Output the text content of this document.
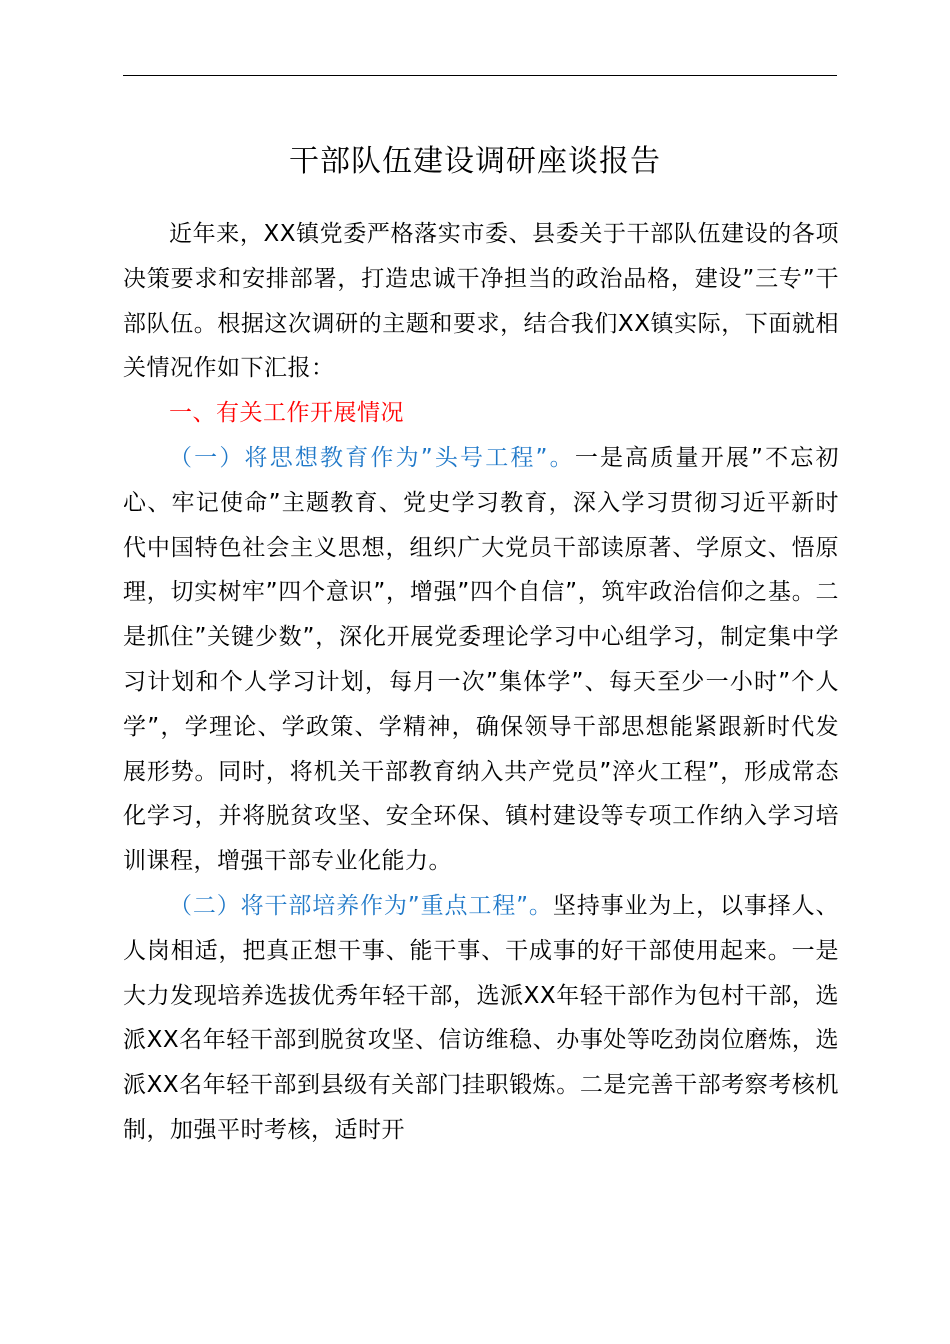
干部队伍建设调研座谈报告

近年来，XX镇党委严格落实市委、县委关于干部队伍建设的各项决策要求和安排部署，打造忠诚干净担当的政治品格，建设”三专”干部队伍。根据这次调研的主题和要求，结合我们XX镇实际，下面就相关情况作如下汇报：

一、有关工作开展情况

（一）将思想教育作为”头号工程”。一是高质量开展”不忘初心、牢记使命”主题教育、党史学习教育，深入学习贯彻习近平新时代中国特色社会主义思想，组织广大党员干部读原著、学原文、悟原理，切实树牢”四个意识”，增强”四个自信”，筑牢政治信仰之基。二是抓住”关键少数”，深化开展党委理论学习中心组学习，制定集中学习计划和个人学习计划，每月一次”集体学”、每天至少一小时”个人学”，学理论、学政策、学精神，确保领导干部思想能紧跟新时代发展形势。同时，将机关干部教育纳入共产党员”淬火工程”，形成常态化学习，并将脱贫攻坚、安全环保、镇村建设等专项工作纳入学习培训课程，增强干部专业化能力。

（二）将干部培养作为”重点工程”。坚持事业为上，以事择人、人岗相适，把真正想干事、能干事、干成事的好干部使用起来。一是大力发现培养选拔优秀年轻干部，选派XX年轻干部作为包村干部，选派XX名年轻干部到脱贫攻坚、信访维稳、办事处等吃劲岗位磨炼，选派XX名年轻干部到县级有关部门挂职锻炼。二是完善干部考察考核机制，加强平时考核，适时开
